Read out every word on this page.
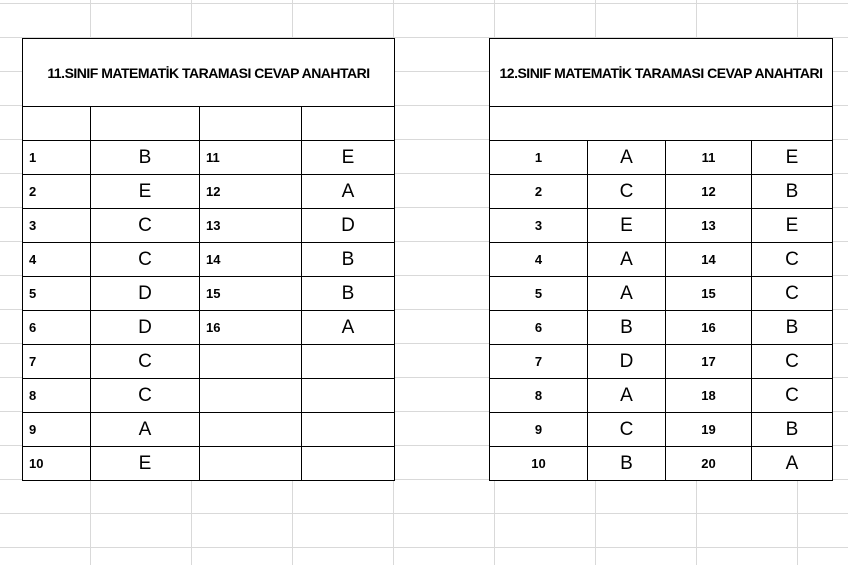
11.SINIF MATEMATİK TARAMASI CEVAP ANAHTARI			

1	B	11	E
2	E	12	A
3	C	13	D
4	C	14	B
5	D	15	B
6	D	16	A
7	C		
8	C		
9	A		
10	E		
12.SINIF MATEMATİK TARAMASI CEVAP ANAHTARI			

1	A	11	E
2	C	12	B
3	E	13	E
4	A	14	C
5	A	15	C
6	B	16	B
7	D	17	C
8	A	18	C
9	C	19	B
10	B	20	A
